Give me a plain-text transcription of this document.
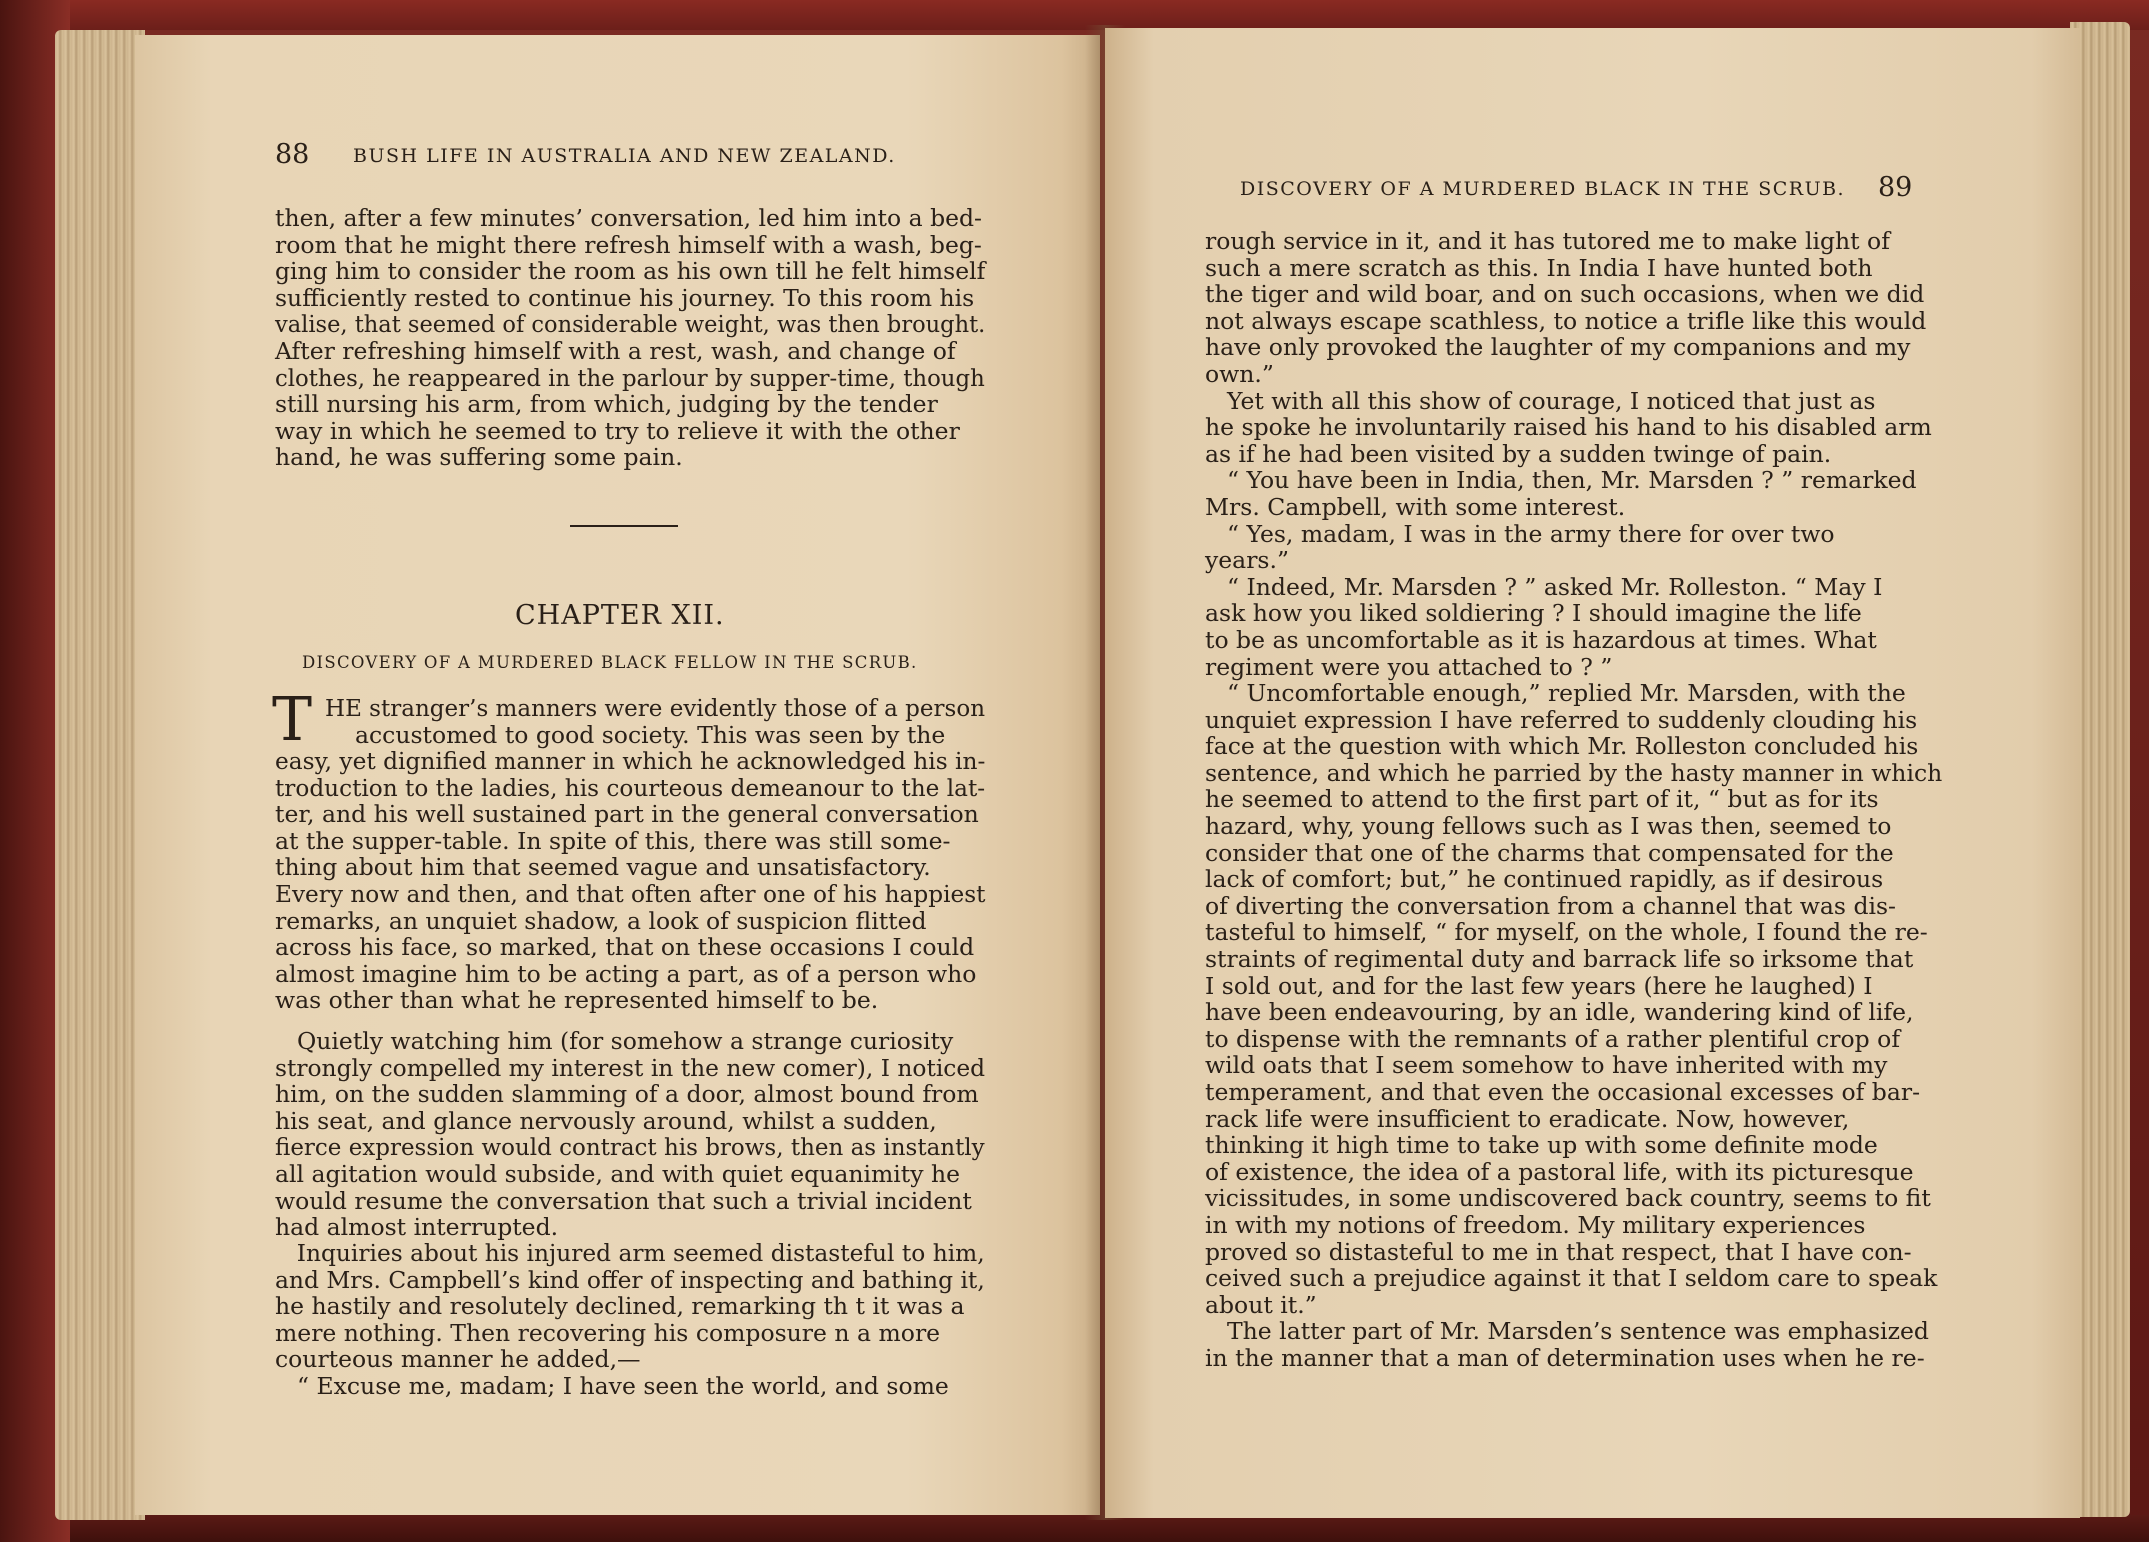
88 BUSH LIFE IN AUSTRALIA AND NEW ZEALAND.
then, after a few minutes’ conversation, led him into a bed-
room that he might there refresh himself with a wash, beg-
ging him to consider the room as his own till he felt himself
sufficiently rested to continue his journey. To this room his
valise, that seemed of considerable weight, was then brought.
After refreshing himself with a rest, wash, and change of
clothes, he reappeared in the parlour by supper-time, though
still nursing his arm, from which, judging by the tender
way in which he seemed to try to relieve it with the other
hand, he was suffering some pain.
CHAPTER XII.
DISCOVERY OF A MURDERED BLACK FELLOW IN THE SCRUB.
T HE stranger’s manners were evidently those of a person
accustomed to good society. This was seen by the
easy, yet dignified manner in which he acknowledged his in-
troduction to the ladies, his courteous demeanour to the lat-
ter, and his well sustained part in the general conversation
at the supper-table. In spite of this, there was still some-
thing about him that seemed vague and unsatisfactory.
Every now and then, and that often after one of his happiest
remarks, an unquiet shadow, a look of suspicion flitted
across his face, so marked, that on these occasions I could
almost imagine him to be acting a part, as of a person who
was other than what he represented himself to be.
Quietly watching him (for somehow a strange curiosity
strongly compelled my interest in the new comer), I noticed
him, on the sudden slamming of a door, almost bound from
his seat, and glance nervously around, whilst a sudden,
fierce expression would contract his brows, then as instantly
all agitation would subside, and with quiet equanimity he
would resume the conversation that such a trivial incident
had almost interrupted.
Inquiries about his injured arm seemed distasteful to him,
and Mrs. Campbell’s kind offer of inspecting and bathing it,
he hastily and resolutely declined, remarking th t it was a
mere nothing. Then recovering his composure n a more
courteous manner he added,—
“ Excuse me, madam; I have seen the world, and some
DISCOVERY OF A MURDERED BLACK IN THE SCRUB. 89
rough service in it, and it has tutored me to make light of
such a mere scratch as this. In India I have hunted both
the tiger and wild boar, and on such occasions, when we did
not always escape scathless, to notice a trifle like this would
have only provoked the laughter of my companions and my
own.”
Yet with all this show of courage, I noticed that just as
he spoke he involuntarily raised his hand to his disabled arm
as if he had been visited by a sudden twinge of pain.
“ You have been in India, then, Mr. Marsden ? ” remarked
Mrs. Campbell, with some interest.
“ Yes, madam, I was in the army there for over two
years.”
“ Indeed, Mr. Marsden ? ” asked Mr. Rolleston. “ May I
ask how you liked soldiering ? I should imagine the life
to be as uncomfortable as it is hazardous at times. What
regiment were you attached to ? ”
“ Uncomfortable enough,” replied Mr. Marsden, with the
unquiet expression I have referred to suddenly clouding his
face at the question with which Mr. Rolleston concluded his
sentence, and which he parried by the hasty manner in which
he seemed to attend to the first part of it, “ but as for its
hazard, why, young fellows such as I was then, seemed to
consider that one of the charms that compensated for the
lack of comfort; but,” he continued rapidly, as if desirous
of diverting the conversation from a channel that was dis-
tasteful to himself, “ for myself, on the whole, I found the re-
straints of regimental duty and barrack life so irksome that
I sold out, and for the last few years (here he laughed) I
have been endeavouring, by an idle, wandering kind of life,
to dispense with the remnants of a rather plentiful crop of
wild oats that I seem somehow to have inherited with my
temperament, and that even the occasional excesses of bar-
rack life were insufficient to eradicate. Now, however,
thinking it high time to take up with some definite mode
of existence, the idea of a pastoral life, with its picturesque
vicissitudes, in some undiscovered back country, seems to fit
in with my notions of freedom. My military experiences
proved so distasteful to me in that respect, that I have con-
ceived such a prejudice against it that I seldom care to speak
about it.”
The latter part of Mr. Marsden’s sentence was emphasized
in the manner that a man of determination uses when he re-
